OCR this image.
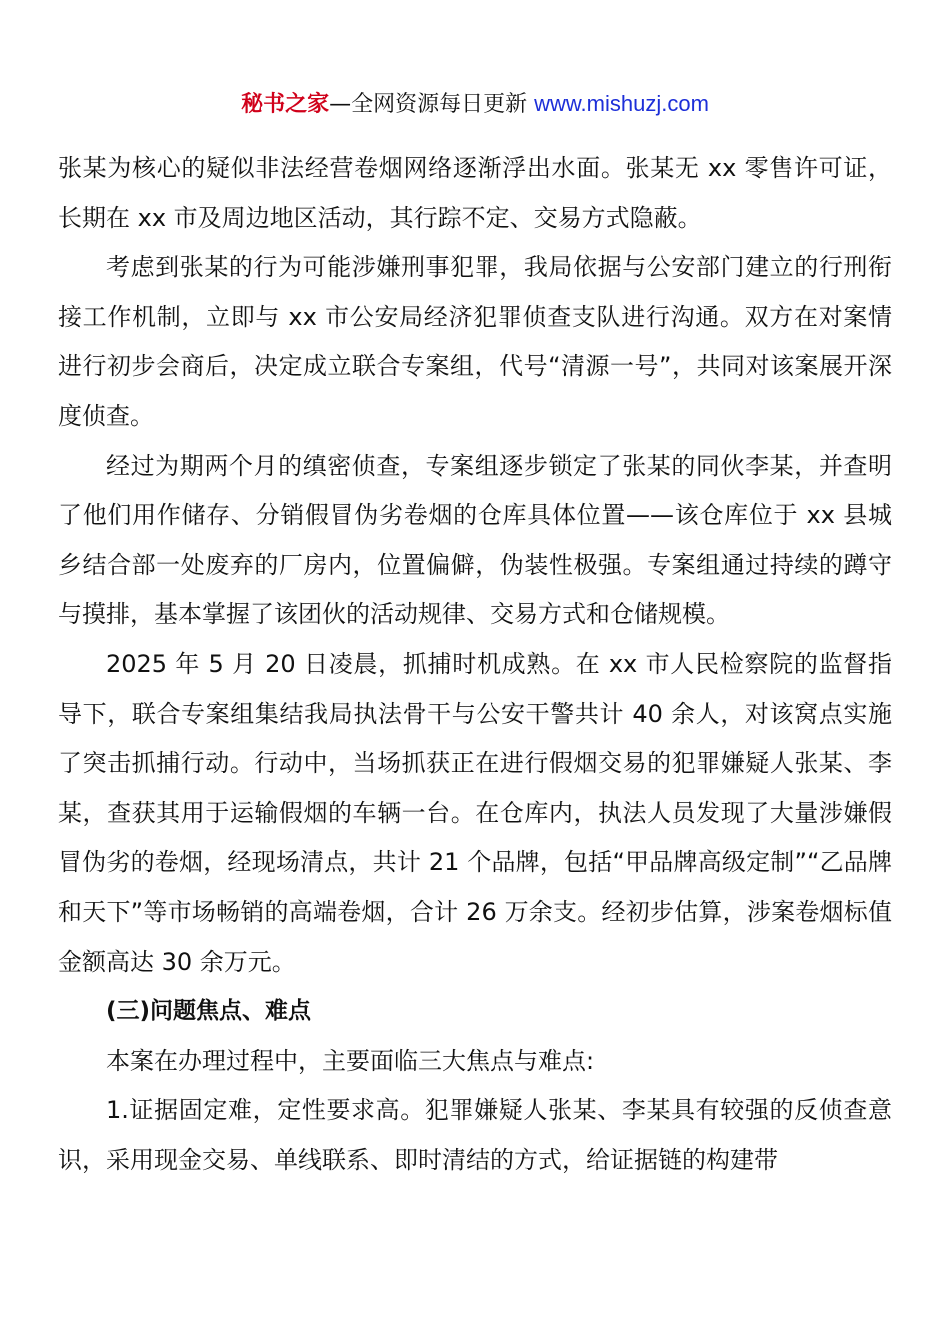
秘书之家—全网资源每日更新 www.mishuzj.com

张某为核心的疑似非法经营卷烟网络逐渐浮出水面。张某无 xx 零售许可证，长期在 xx 市及周边地区活动，其行踪不定、交易方式隐蔽。

考虑到张某的行为可能涉嫌刑事犯罪，我局依据与公安部门建立的行刑衔接工作机制，立即与 xx 市公安局经济犯罪侦查支队进行沟通。双方在对案情进行初步会商后，决定成立联合专案组，代号“清源一号”，共同对该案展开深度侦查。

经过为期两个月的缜密侦查，专案组逐步锁定了张某的同伙李某，并查明了他们用作储存、分销假冒伪劣卷烟的仓库具体位置——该仓库位于 xx 县城乡结合部一处废弃的厂房内，位置偏僻，伪装性极强。专案组通过持续的蹲守与摸排，基本掌握了该团伙的活动规律、交易方式和仓储规模。

2025 年 5 月 20 日凌晨，抓捕时机成熟。在 xx 市人民检察院的监督指导下，联合专案组集结我局执法骨干与公安干警共计 40 余人，对该窝点实施了突击抓捕行动。行动中，当场抓获正在进行假烟交易的犯罪嫌疑人张某、李某，查获其用于运输假烟的车辆一台。在仓库内，执法人员发现了大量涉嫌假冒伪劣的卷烟，经现场清点，共计 21 个品牌，包括“甲品牌高级定制”“乙品牌和天下”等市场畅销的高端卷烟，合计 26 万余支。经初步估算，涉案卷烟标值金额高达 30 余万元。

(三)问题焦点、难点

本案在办理过程中，主要面临三大焦点与难点:

1.证据固定难，定性要求高。犯罪嫌疑人张某、李某具有较强的反侦查意识，采用现金交易、单线联系、即时清结的方式，给证据链的构建带
